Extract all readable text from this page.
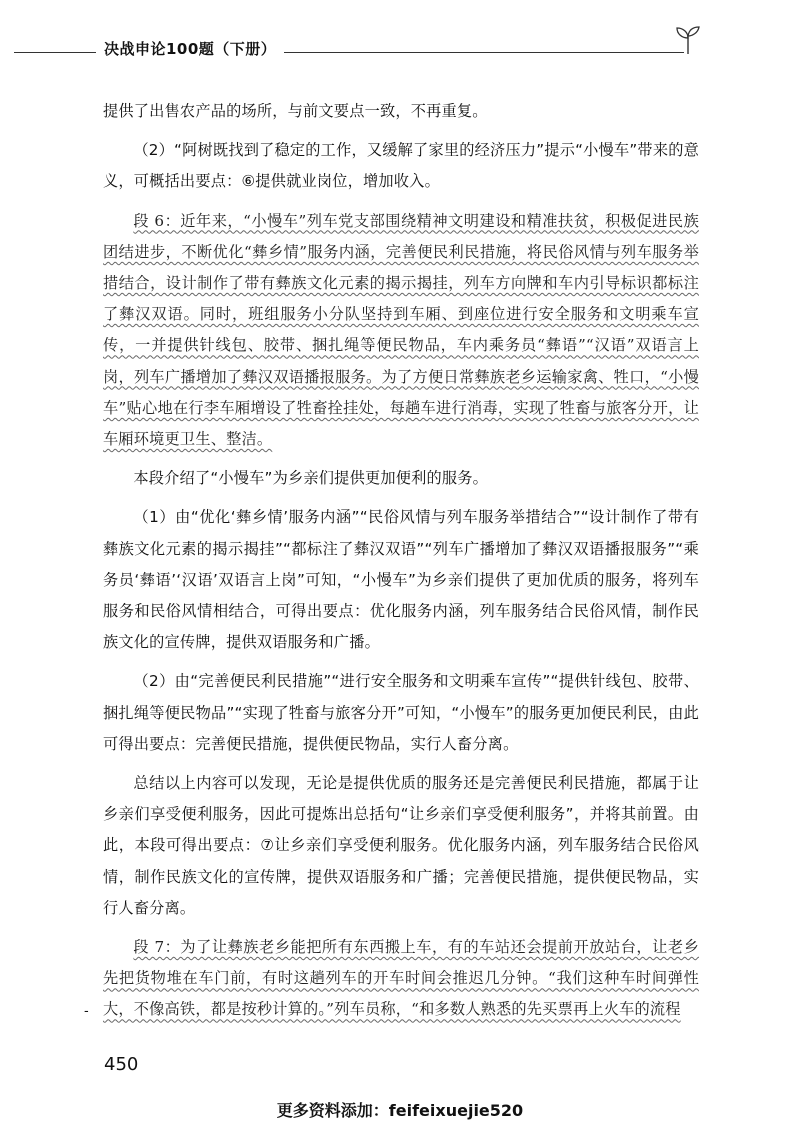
决战申论100题（下册）

提供了出售农产品的场所，与前文要点一致，不再重复。

（2）“阿树既找到了稳定的工作，又缓解了家里的经济压力”提示“小慢车”带来的意义，可概括出要点：⑥提供就业岗位，增加收入。

段 6：近年来，“小慢车”列车党支部围绕精神文明建设和精准扶贫，积极促进民族团结进步，不断优化“彝乡情”服务内涵，完善便民利民措施，将民俗风情与列车服务举措结合，设计制作了带有彝族文化元素的揭示揭挂，列车方向牌和车内引导标识都标注了彝汉双语。同时，班组服务小分队坚持到车厢、到座位进行安全服务和文明乘车宣传，一并提供针线包、胶带、捆扎绳等便民物品，车内乘务员“彝语”“汉语”双语言上岗，列车广播增加了彝汉双语播报服务。为了方便日常彝族老乡运输家禽、牲口，“小慢车”贴心地在行李车厢增设了牲畜拴挂处，每趟车进行消毒，实现了牲畜与旅客分开，让车厢环境更卫生、整洁。

本段介绍了“小慢车”为乡亲们提供更加便利的服务。

（1）由“优化‘彝乡情’服务内涵”“民俗风情与列车服务举措结合”“设计制作了带有彝族文化元素的揭示揭挂”“都标注了彝汉双语”“列车广播增加了彝汉双语播报服务”“乘务员‘彝语’‘汉语’双语言上岗”可知，“小慢车”为乡亲们提供了更加优质的服务，将列车服务和民俗风情相结合，可得出要点：优化服务内涵，列车服务结合民俗风情，制作民族文化的宣传牌，提供双语服务和广播。

（2）由“完善便民利民措施”“进行安全服务和文明乘车宣传”“提供针线包、胶带、捆扎绳等便民物品”“实现了牲畜与旅客分开”可知，“小慢车”的服务更加便民利民，由此可得出要点：完善便民措施，提供便民物品，实行人畜分离。

总结以上内容可以发现，无论是提供优质的服务还是完善便民利民措施，都属于让乡亲们享受便利服务，因此可提炼出总括句“让乡亲们享受便利服务”，并将其前置。由此，本段可得出要点：⑦让乡亲们享受便利服务。优化服务内涵，列车服务结合民俗风情，制作民族文化的宣传牌，提供双语服务和广播；完善便民措施，提供便民物品，实行人畜分离。

段 7：为了让彝族老乡能把所有东西搬上车，有的车站还会提前开放站台，让老乡先把货物堆在车门前，有时这趟列车的开车时间会推迟几分钟。“我们这种车时间弹性大，不像高铁，都是按秒计算的。”列车员称，“和多数人熟悉的先买票再上火车的流程

-
450
更多资料添加：feifeixuejie520
